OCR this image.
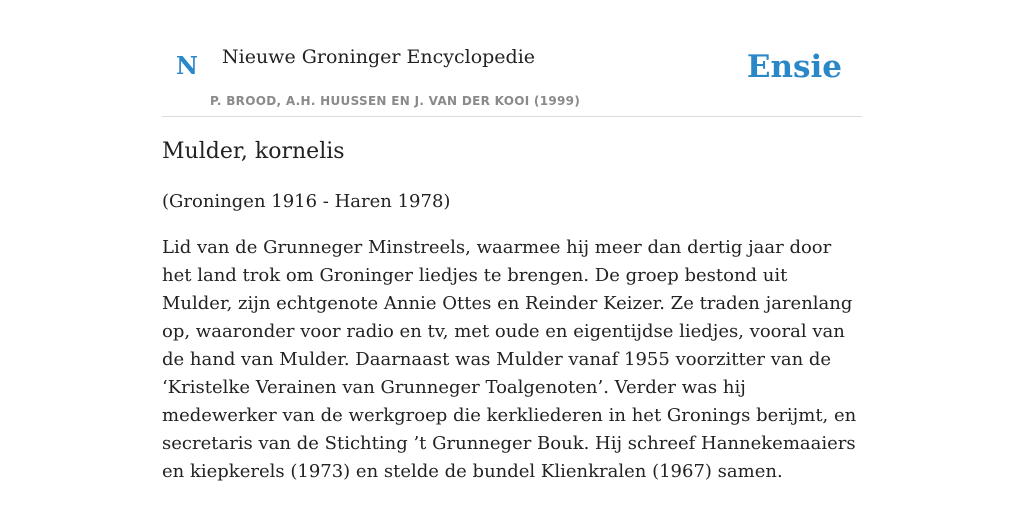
N Nieuwe Groninger Encyclopedie
P. BROOD, A.H. HUUSSEN EN J. VAN DER KOOI (1999)
Ensie
Mulder, kornelis

(Groningen 1916 - Haren 1978)

Lid van de Grunneger Minstreels, waarmee hij meer dan dertig jaar door het land trok om Groninger liedjes te brengen. De groep bestond uit Mulder, zijn echtgenote Annie Ottes en Reinder Keizer. Ze traden jarenlang op, waaronder voor radio en tv, met oude en eigentijdse liedjes, vooral van de hand van Mulder. Daarnaast was Mulder vanaf 1955 voorzitter van de ‘Kristelke Verainen van Grunneger Toalgenoten’. Verder was hij medewerker van de werkgroep die kerkliederen in het Gronings berijmt, en secretaris van de Stichting ’t Grunneger Bouk. Hij schreef Hannekemaaiers en kiepkerels (1973) en stelde de bundel Klienkralen (1967) samen.
